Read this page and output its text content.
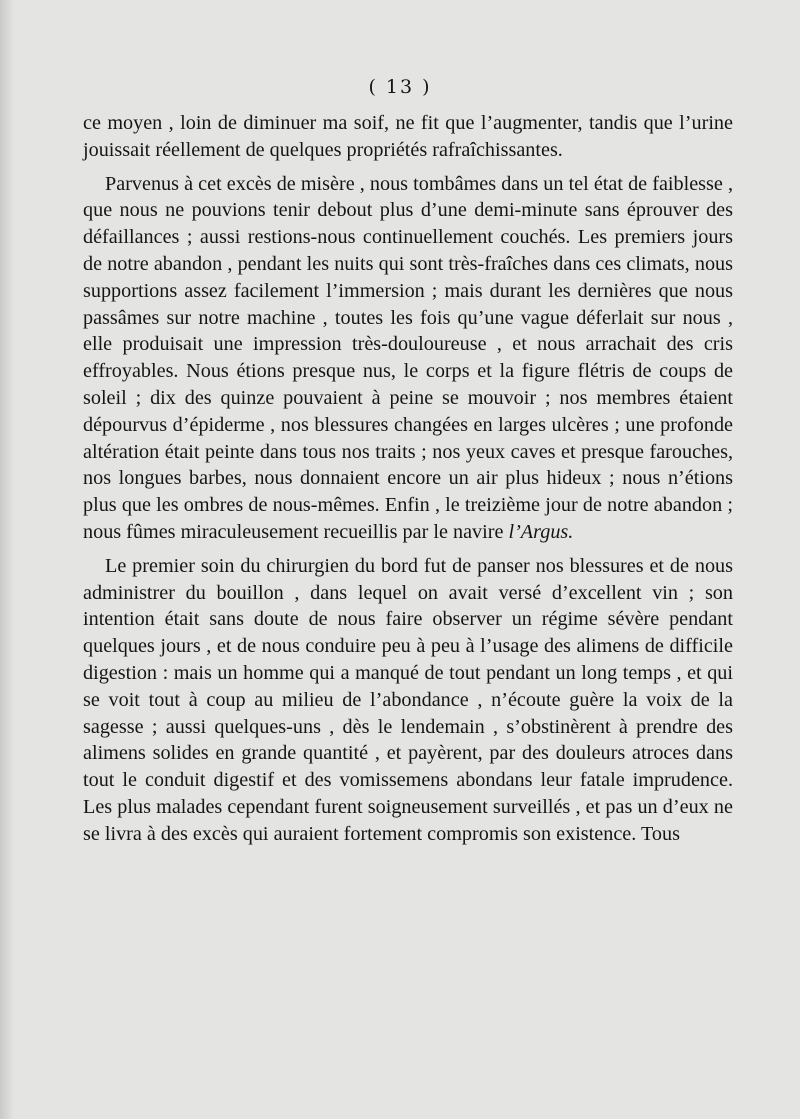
( 13 )

ce moyen , loin de diminuer ma soif, ne fit que l’augmenter, tandis que l’urine jouissait réellement de quelques propriétés rafraîchissantes.

Parvenus à cet excès de misère , nous tombâmes dans un tel état de faiblesse , que nous ne pouvions tenir debout plus d’une demi-minute sans éprouver des défaillances ; aussi restions-nous continuellement couchés. Les premiers jours de notre abandon , pendant les nuits qui sont très-fraîches dans ces climats, nous supportions assez facilement l’immersion ; mais durant les dernières que nous passâmes sur notre machine , toutes les fois qu’une vague déferlait sur nous , elle produisait une impression très-douloureuse , et nous arrachait des cris effroyables. Nous étions presque nus, le corps et la figure flétris de coups de soleil ; dix des quinze pouvaient à peine se mouvoir ; nos membres étaient dépourvus d’épiderme , nos blessures changées en larges ulcères ; une profonde altération était peinte dans tous nos traits ; nos yeux caves et presque farouches, nos longues barbes, nous donnaient encore un air plus hideux ; nous n’étions plus que les ombres de nous-mêmes. Enfin , le treizième jour de notre abandon ; nous fûmes miraculeusement recueillis par le navire l’Argus.

Le premier soin du chirurgien du bord fut de panser nos blessures et de nous administrer du bouillon , dans lequel on avait versé d’excellent vin ; son intention était sans doute de nous faire observer un régime sévère pendant quelques jours , et de nous conduire peu à peu à l’usage des alimens de difficile digestion : mais un homme qui a manqué de tout pendant un long temps , et qui se voit tout à coup au milieu de l’abondance , n’écoute guère la voix de la sagesse ; aussi quelques-uns , dès le lendemain , s’obstinèrent à prendre des alimens solides en grande quantité , et payèrent, par des douleurs atroces dans tout le conduit digestif et des vomissemens abondans leur fatale imprudence. Les plus malades cependant furent soigneusement surveillés , et pas un d’eux ne se livra à des excès qui auraient fortement compromis son existence. Tous
